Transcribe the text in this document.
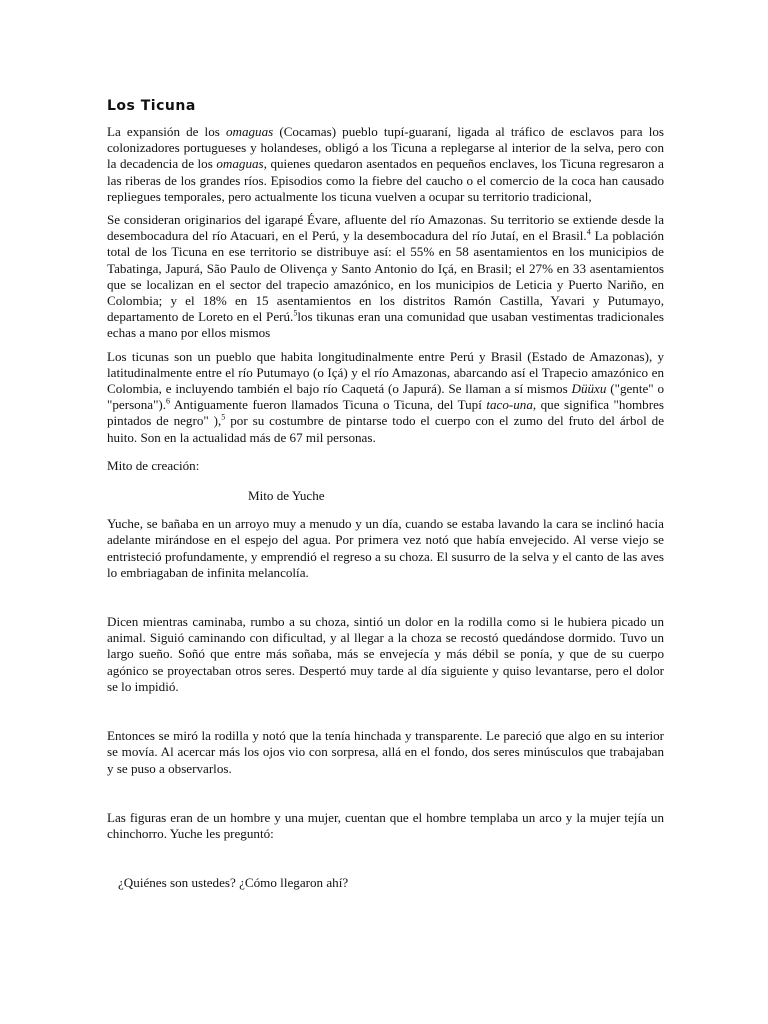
Los Ticuna

La expansión de los omaguas (Cocamas) pueblo tupí-guaraní, ligada al tráfico de esclavos para los colonizadores portugueses y holandeses, obligó a los Ticuna a replegarse al interior de la selva, pero con la decadencia de los omaguas, quienes quedaron asentados en pequeños enclaves, los Ticuna regresaron a las riberas de los grandes ríos. Episodios como la fiebre del caucho o el comercio de la coca han causado repliegues temporales, pero actualmente los ticuna vuelven a ocupar su territorio tradicional,

Se consideran originarios del igarapé Évare, afluente del río Amazonas. Su territorio se extiende desde la desembocadura del río Atacuari, en el Perú, y la desembocadura del río Jutaí, en el Brasil.$^4$ La población total de los Ticuna en ese territorio se distribuye así: el 55% en 58 asentamientos en los municipios de Tabatinga, Japurá, São Paulo de Olivença y Santo Antonio do Içá, en Brasil; el 27% en 33 asentamientos que se localizan en el sector del trapecio amazónico, en los municipios de Leticia y Puerto Nariño, en Colombia; y el 18% en 15 asentamientos en los distritos Ramón Castilla, Yavari y Putumayo, departamento de Loreto en el Perú.$^5$los tikunas eran una comunidad que usaban vestimentas tradicionales echas a mano por ellos mismos

Los ticunas son un pueblo que habita longitudinalmente entre Perú y Brasil (Estado de Amazonas), y latitudinalmente entre el río Putumayo (o Içá) y el río Amazonas, abarcando así el Trapecio amazónico en Colombia, e incluyendo también el bajo río Caquetá (o Japurá). Se llaman a sí mismos Düüxu ("gente" o "persona").$^6$ Antiguamente fueron llamados Ticuna o Ticuna, del Tupí taco-una, que significa "hombres pintados de negro" ),$^5$ por su costumbre de pintarse todo el cuerpo con el zumo del fruto del árbol de huito. Son en la actualidad más de 67 mil personas.

Mito de creación:

Mito de Yuche

Yuche, se bañaba en un arroyo muy a menudo y un día, cuando se estaba lavando la cara se inclinó hacia adelante mirándose en el espejo del agua. Por primera vez notó que había envejecido. Al verse viejo se entristeció profundamente, y emprendió el regreso a su choza. El susurro de la selva y el canto de las aves lo embriagaban de infinita melancolía.

Dicen mientras caminaba, rumbo a su choza, sintió un dolor en la rodilla como si le hubiera picado un animal. Siguió caminando con dificultad, y al llegar a la choza se recostó quedándose dormido. Tuvo un largo sueño. Soñó que entre más soñaba, más se envejecía y más débil se ponía, y que de su cuerpo agónico se proyectaban otros seres. Despertó muy tarde al día siguiente y quiso levantarse, pero el dolor se lo impidió.

Entonces se miró la rodilla y notó que la tenía hinchada y transparente. Le pareció que algo en su interior se movía. Al acercar más los ojos vio con sorpresa, allá en el fondo, dos seres minúsculos que trabajaban y se puso a observarlos.

Las figuras eran de un hombre y una mujer, cuentan que el hombre templaba un arco y la mujer tejía un chinchorro. Yuche les preguntó:

¿Quiénes son ustedes? ¿Cómo llegaron ahí?
